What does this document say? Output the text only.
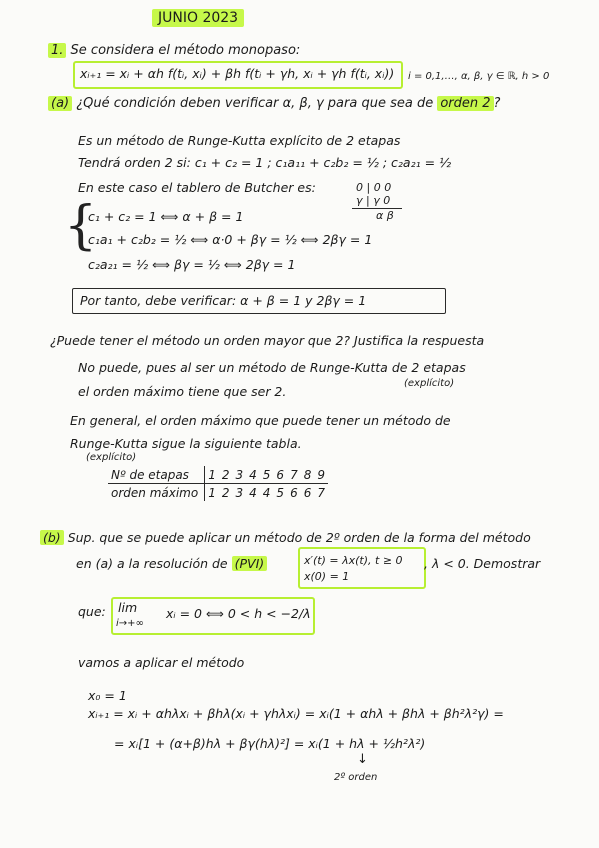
JUNIO 2023
1. Se considera el método monopaso:
xᵢ₊₁ = xᵢ + αh f(tᵢ, xᵢ) + βh f(tᵢ + γh, xᵢ + γh f(tᵢ, xᵢ)) i = 0,1,…, α, β, γ ∈ ℝ, h > 0
(a) ¿Qué condición deben verificar α, β, γ para que sea de orden 2 ?
Es un método de Runge-Kutta explícito de 2 etapas
Tendrá orden 2 si: c₁ + c₂ = 1 ; c₁a₁₁ + c₂b₂ = ½ ; c₂a₂₁ = ½
En este caso el tablero de Butcher es:	0 | 0 0
γ | γ 0
α β
{
c₁ + c₂ = 1 ⟺ α + β = 1
c₁a₁ + c₂b₂ = ½ ⟺ α·0 + βγ = ½ ⟺ 2βγ = 1
c₂a₂₁ = ½ ⟺ βγ = ½ ⟺ 2βγ = 1
Por tanto, debe verificar: α + β = 1 y 2βγ = 1
¿Puede tener el método un orden mayor que 2? Justifica la respuesta
No puede, pues al ser un método de Runge-Kutta de 2 etapas
(explícito)
el orden máximo tiene que ser 2.
En general, el orden máximo que puede tener un método de
Runge-Kutta sigue la siguiente tabla.
(explícito)
Nº de etapas	1	2	3	4	5	6	7	8	9
orden máximo	1	2	3	4	4	5	6	6	7
(b) Sup. que se puede aplicar un método de 2º orden de la forma del método
en (a) a la resolución de (PVI)	x′(t) = λx(t), t ≥ 0
x(0) = 1
, λ < 0. Demostrar
que: lim
i→+∞
xᵢ = 0 ⟺ 0 < h < −2/λ
vamos a aplicar el método
x₀ = 1
xᵢ₊₁ = xᵢ + αhλxᵢ + βhλ(xᵢ + γhλxᵢ) = xᵢ(1 + αhλ + βhλ + βh²λ²γ) =
= xᵢ[1 + (α+β)hλ + βγ(hλ)²] = xᵢ(1 + hλ + ½h²λ²)
↓
2º orden
